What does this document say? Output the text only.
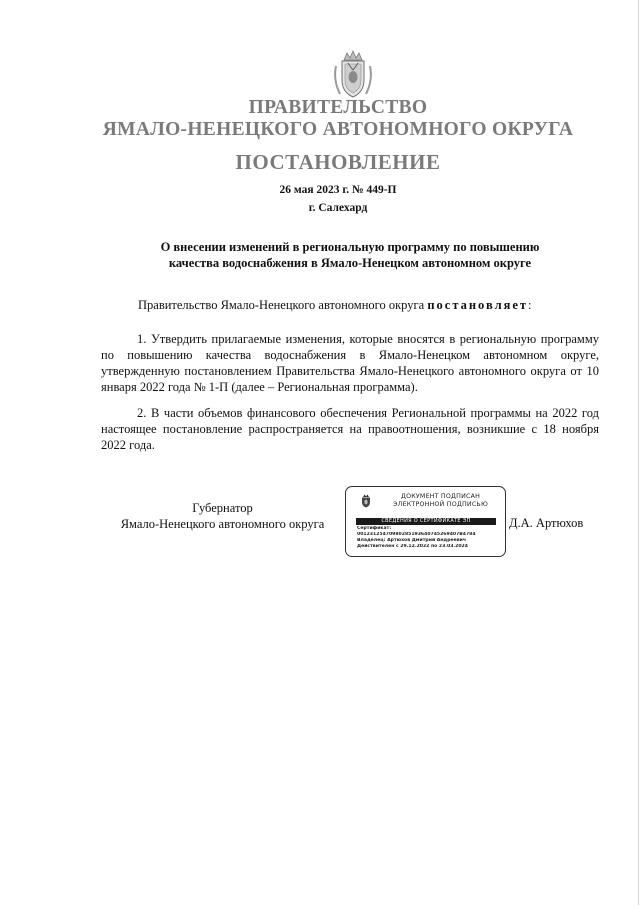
ПРАВИТЕЛЬСТВО
ЯМАЛО-НЕНЕЦКОГО АВТОНОМНОГО ОКРУГА
ПОСТАНОВЛЕНИЕ
26 мая 2023 г. № 449-П
г. Салехард
О внесении изменений в региональную программу по повышению
качества водоснабжения в Ямало-Ненецком автономном округе
Правительство Ямало-Ненецкого автономного округа постановляет:
1. Утвердить прилагаемые изменения, которые вносятся в региональную программу по повышению качества водоснабжения в Ямало-Ненецком автономном округе, утвержденную постановлением Правительства Ямало-Ненецкого автономного округа от 10 января 2022 года № 1-П (далее – Региональная программа).
2. В части объемов финансового обеспечения Региональной программы на 2022 год настоящее постановление распространяется на правоотношения, возникшие с 18 ноября 2022 года.
Губернатор
Ямало-Ненецкого автономного округа
ДОКУМЕНТ ПОДПИСАН
ЭЛЕКТРОННОЙ ПОДПИСЬЮ
СВЕДЕНИЯ О СЕРТИФИКАТЕ ЭП
Сертификат:
00123125470980285193640745269407B4784
Владелец: Артюхов Дмитрий Андреевич
Действителен с 29.12.2022 по 23.03.2024
Д.А. Артюхов
